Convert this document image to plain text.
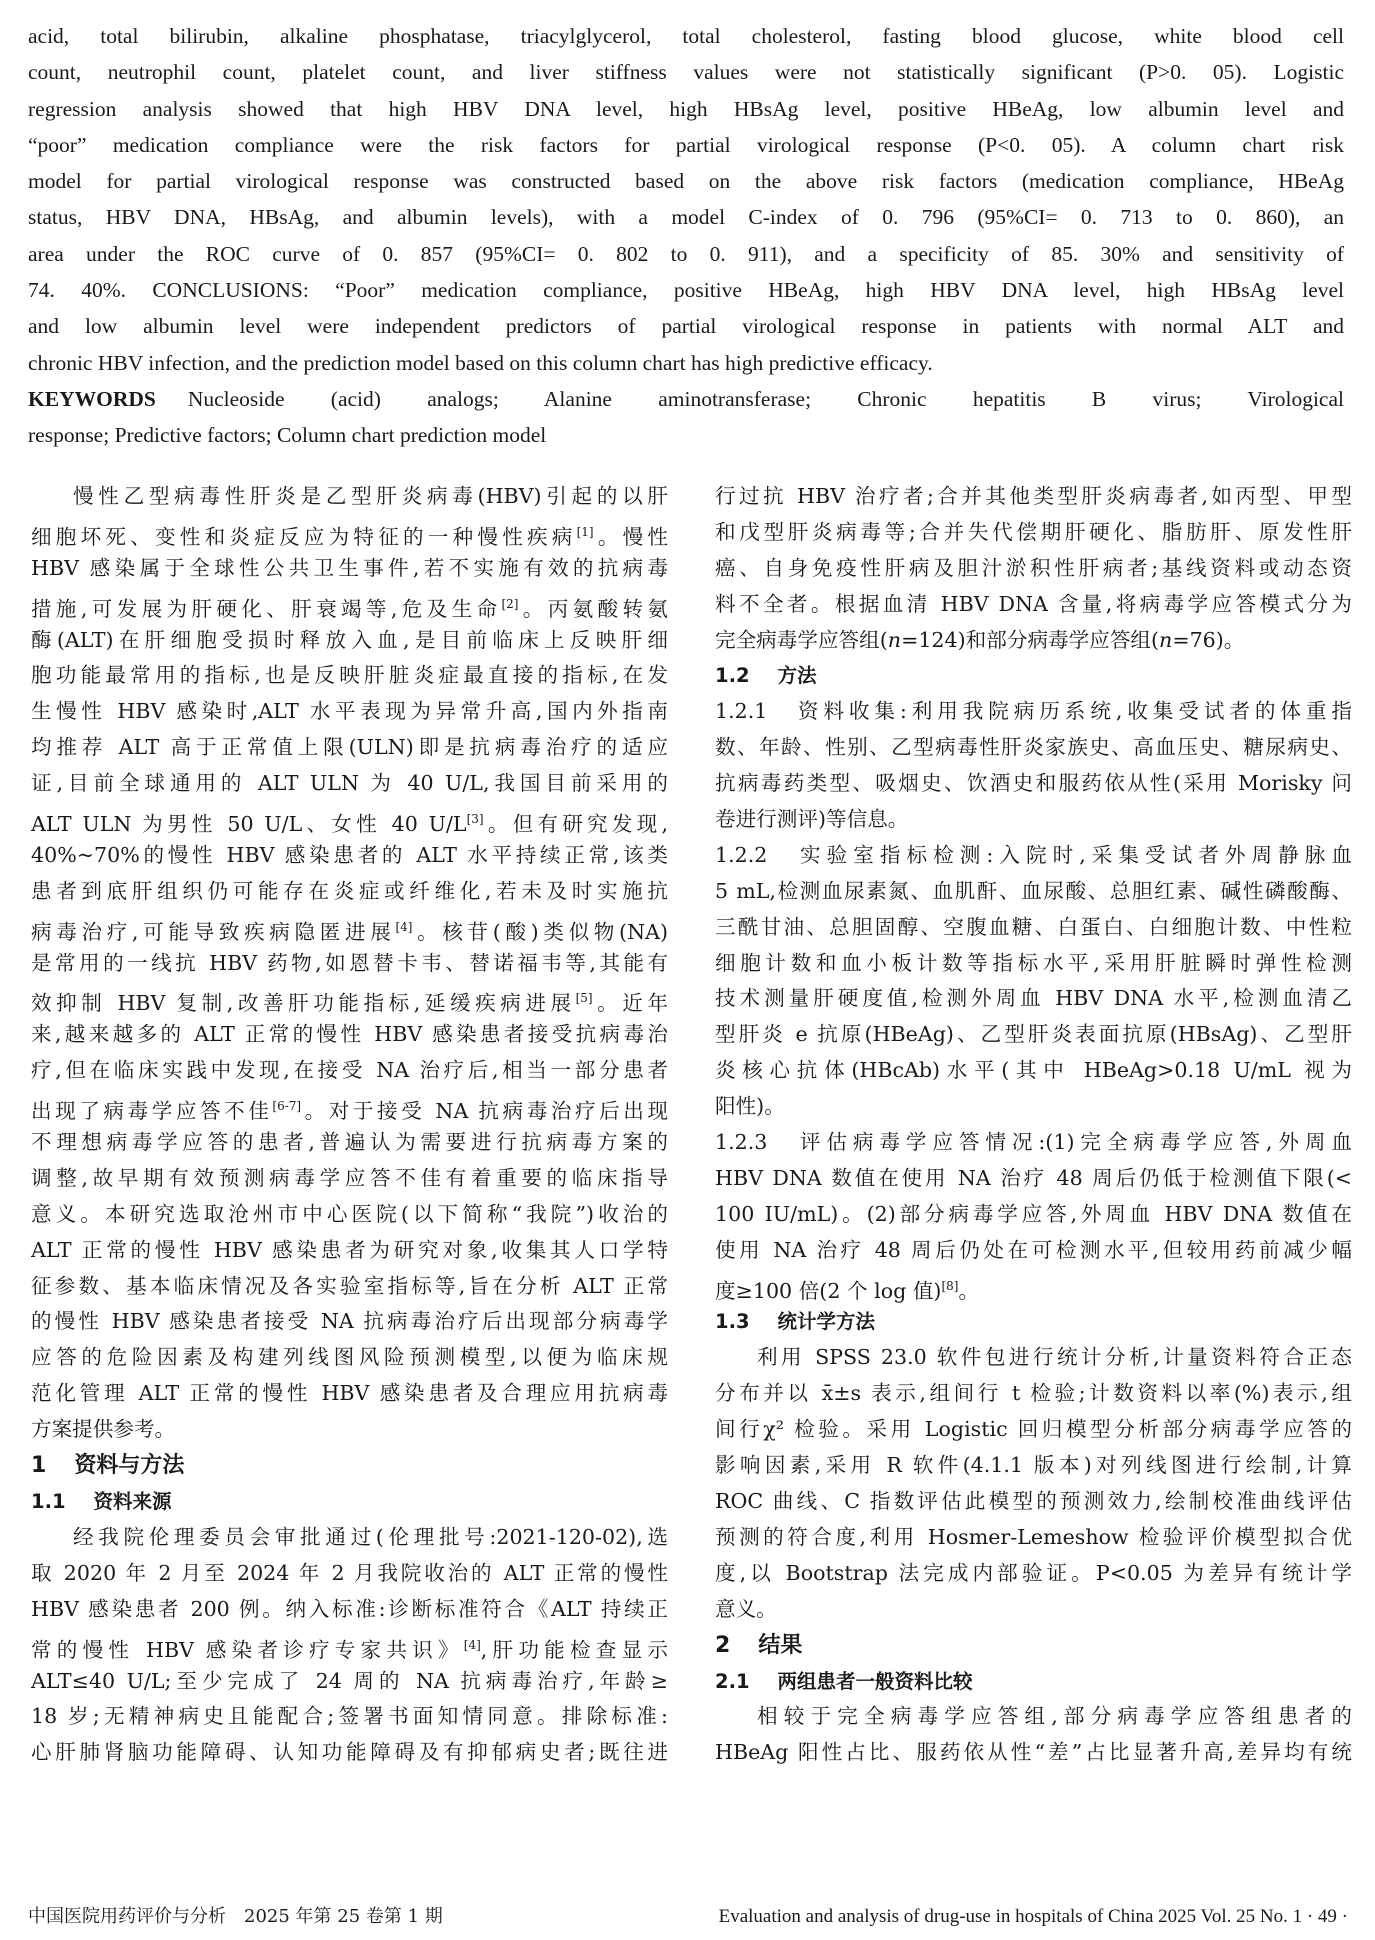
acid, total bilirubin, alkaline phosphatase, triacylglycerol, total cholesterol, fasting blood glucose, white blood cell
count, neutrophil count, platelet count, and liver stiffness values were not statistically significant (P>0. 05). Logistic
regression analysis showed that high HBV DNA level, high HBsAg level, positive HBeAg, low albumin level and
“poor” medication compliance were the risk factors for partial virological response (P<0. 05). A column chart risk
model for partial virological response was constructed based on the above risk factors (medication compliance, HBeAg
status, HBV DNA, HBsAg, and albumin levels), with a model C-index of 0. 796 (95%CI= 0. 713 to 0. 860), an
area under the ROC curve of 0. 857 (95%CI= 0. 802 to 0. 911), and a specificity of 85. 30% and sensitivity of
74. 40%. CONCLUSIONS: “Poor” medication compliance, positive HBeAg, high HBV DNA level, high HBsAg level
and low albumin level were independent predictors of partial virological response in patients with normal ALT and
chronic HBV infection, and the prediction model based on this column chart has high predictive efficacy.
KEYWORDS Nucleoside (acid) analogs; Alanine aminotransferase; Chronic hepatitis B virus; Virological
response; Predictive factors; Column chart prediction model
慢性乙型病毒性肝炎是乙型肝炎病毒(HBV)引起的以肝
细胞坏死、变性和炎症反应为特征的一种慢性疾病[1]。慢性
HBV 感染属于全球性公共卫生事件,若不实施有效的抗病毒
措施,可发展为肝硬化、肝衰竭等,危及生命[2]。丙氨酸转氨
酶(ALT)在肝细胞受损时释放入血,是目前临床上反映肝细
胞功能最常用的指标,也是反映肝脏炎症最直接的指标,在发
生慢性 HBV 感染时,ALT 水平表现为异常升高,国内外指南
均推荐 ALT 高于正常值上限(ULN)即是抗病毒治疗的适应
证,目前全球通用的 ALT ULN 为 40 U/L,我国目前采用的
ALT ULN 为男性 50 U/L、女性 40 U/L[3]。但有研究发现,
40%~70%的慢性 HBV 感染患者的 ALT 水平持续正常,该类
患者到底肝组织仍可能存在炎症或纤维化,若未及时实施抗
病毒治疗,可能导致疾病隐匿进展[4]。核苷(酸)类似物(NA)
是常用的一线抗 HBV 药物,如恩替卡韦、替诺福韦等,其能有
效抑制 HBV 复制,改善肝功能指标,延缓疾病进展[5]。近年
来,越来越多的 ALT 正常的慢性 HBV 感染患者接受抗病毒治
疗,但在临床实践中发现,在接受 NA 治疗后,相当一部分患者
出现了病毒学应答不佳[6-7]。对于接受 NA 抗病毒治疗后出现
不理想病毒学应答的患者,普遍认为需要进行抗病毒方案的
调整,故早期有效预测病毒学应答不佳有着重要的临床指导
意义。本研究选取沧州市中心医院(以下简称“我院”)收治的
ALT 正常的慢性 HBV 感染患者为研究对象,收集其人口学特
征参数、基本临床情况及各实验室指标等,旨在分析 ALT 正常
的慢性 HBV 感染患者接受 NA 抗病毒治疗后出现部分病毒学
应答的危险因素及构建列线图风险预测模型,以便为临床规
范化管理 ALT 正常的慢性 HBV 感染患者及合理应用抗病毒
方案提供参考。
1 资料与方法
1.1 资料来源
经我院伦理委员会审批通过(伦理批号:2021-120-02),选
取 2020 年 2 月至 2024 年 2 月我院收治的 ALT 正常的慢性
HBV 感染患者 200 例。纳入标准:诊断标准符合《ALT 持续正
常的慢性 HBV 感染者诊疗专家共识》[4],肝功能检查显示
ALT≤40 U/L;至少完成了 24 周的 NA 抗病毒治疗,年龄≥
18 岁;无精神病史且能配合;签署书面知情同意。排除标准:
心肝肺肾脑功能障碍、认知功能障碍及有抑郁病史者;既往进
行过抗 HBV 治疗者;合并其他类型肝炎病毒者,如丙型、甲型
和戊型肝炎病毒等;合并失代偿期肝硬化、脂肪肝、原发性肝
癌、自身免疫性肝病及胆汁淤积性肝病者;基线资料或动态资
料不全者。根据血清 HBV DNA 含量,将病毒学应答模式分为
完全病毒学应答组(n=124)和部分病毒学应答组(n=76)。
1.2 方法
1.2.1　资料收集:利用我院病历系统,收集受试者的体重指
数、年龄、性别、乙型病毒性肝炎家族史、高血压史、糖尿病史、
抗病毒药类型、吸烟史、饮酒史和服药依从性(采用 Morisky 问
卷进行测评)等信息。
1.2.2　实验室指标检测:入院时,采集受试者外周静脉血
5 mL,检测血尿素氮、血肌酐、血尿酸、总胆红素、碱性磷酸酶、
三酰甘油、总胆固醇、空腹血糖、白蛋白、白细胞计数、中性粒
细胞计数和血小板计数等指标水平,采用肝脏瞬时弹性检测
技术测量肝硬度值,检测外周血 HBV DNA 水平,检测血清乙
型肝炎 e 抗原(HBeAg)、乙型肝炎表面抗原(HBsAg)、乙型肝
炎核心抗体(HBcAb)水平(其中 HBeAg>0.18 U/mL 视为
阳性)。
1.2.3　评估病毒学应答情况:(1)完全病毒学应答,外周血
HBV DNA 数值在使用 NA 治疗 48 周后仍低于检测值下限(<
100 IU/mL)。(2)部分病毒学应答,外周血 HBV DNA 数值在
使用 NA 治疗 48 周后仍处在可检测水平,但较用药前减少幅
度≥100 倍(2 个 log 值)[8]。
1.3 统计学方法
利用 SPSS 23.0 软件包进行统计分析,计量资料符合正态
分布并以 x̄±s 表示,组间行 t 检验;计数资料以率(%)表示,组
间行χ² 检验。采用 Logistic 回归模型分析部分病毒学应答的
影响因素,采用 R 软件(4.1.1 版本)对列线图进行绘制,计算
ROC 曲线、C 指数评估此模型的预测效力,绘制校准曲线评估
预测的符合度,利用 Hosmer-Lemeshow 检验评价模型拟合优
度,以 Bootstrap 法完成内部验证。P<0.05 为差异有统计学
意义。
2 结果
2.1 两组患者一般资料比较
相较于完全病毒学应答组,部分病毒学应答组患者的
HBeAg 阳性占比、服药依从性“差”占比显著升高,差异均有统
中国医院用药评价与分析　2025 年第 25 卷第 1 期	Evaluation and analysis of drug-use in hospitals of China 2025 Vol. 25 No. 1 · 49 ·
